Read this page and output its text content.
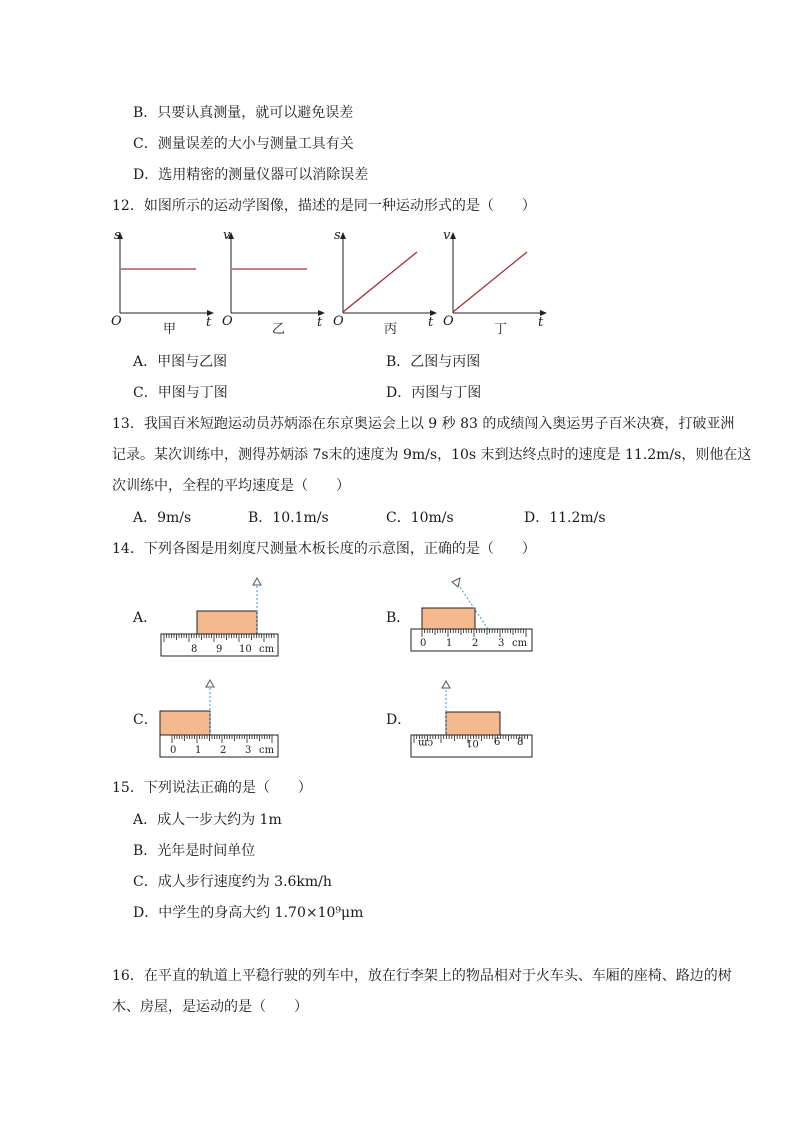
B．只要认真测量，就可以避免误差
C．测量误差的大小与测量工具有关
D．选用精密的测量仪器可以消除误差
12．如图所示的运动学图像，描述的是同一种运动形式的是（　　）
s
O	t
甲
v
O	t
乙
s
O	t
丙
v
O	t
丁
A．甲图与乙图	B．乙图与丙图
C．甲图与丁图	D．丙图与丁图
13．我国百米短跑运动员苏炳添在东京奥运会上以 9 秒 83 的成绩闯入奥运男子百米决赛，打破亚洲
记录。某次训练中，测得苏炳添 7s末的速度为 9m/s，10s 末到达终点时的速度是 11.2m/s，则他在这
次训练中，全程的平均速度是（　　）
A．9m/s	B．10.1m/s	C．10m/s	D．11.2m/s
14．下列各图是用刻度尺测量木板长度的示意图，正确的是（　　）
A．
8 9 10 cm
B．
0 1 2 3 cm
C．
0 1 2 3 cm
D．
cm	01 6 8
15．下列说法正确的是（　　）
A．成人一步大约为 1m
B．光年是时间单位
C．成人步行速度约为 3.6km/h
D．中学生的身高大约 1.70×10⁹μm
16．在平直的轨道上平稳行驶的列车中，放在行李架上的物品相对于火车头、车厢的座椅、路边的树
木、房屋，是运动的是（　　）
